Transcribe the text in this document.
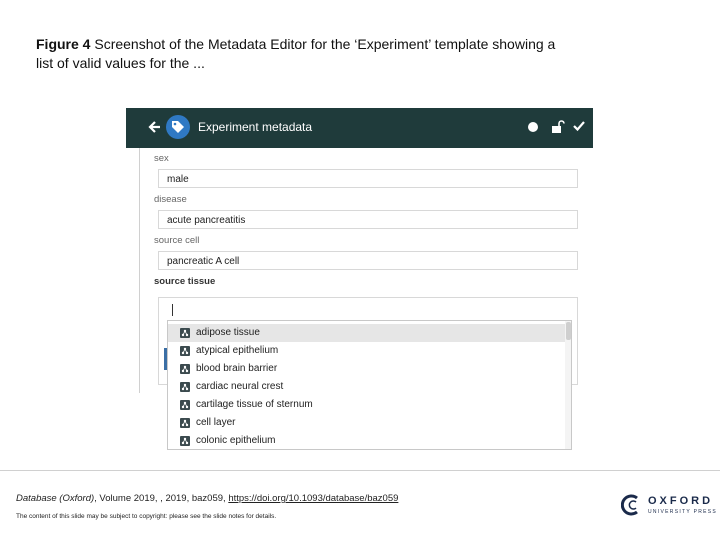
Figure 4 Screenshot of the Metadata Editor for the ‘Experiment’ template showing a list of valid values for the ...
Experiment metadata
sex
male
disease
acute pancreatitis
source cell
pancreatic A cell
source tissue
adipose tissue
atypical epithelium
blood brain barrier
cardiac neural crest
cartilage tissue of sternum
cell layer
colonic epithelium
Database (Oxford), Volume 2019, , 2019, baz059, https://doi.org/10.1093/database/baz059
The content of this slide may be subject to copyright: please see the slide notes for details.
OXFORD
UNIVERSITY PRESS
